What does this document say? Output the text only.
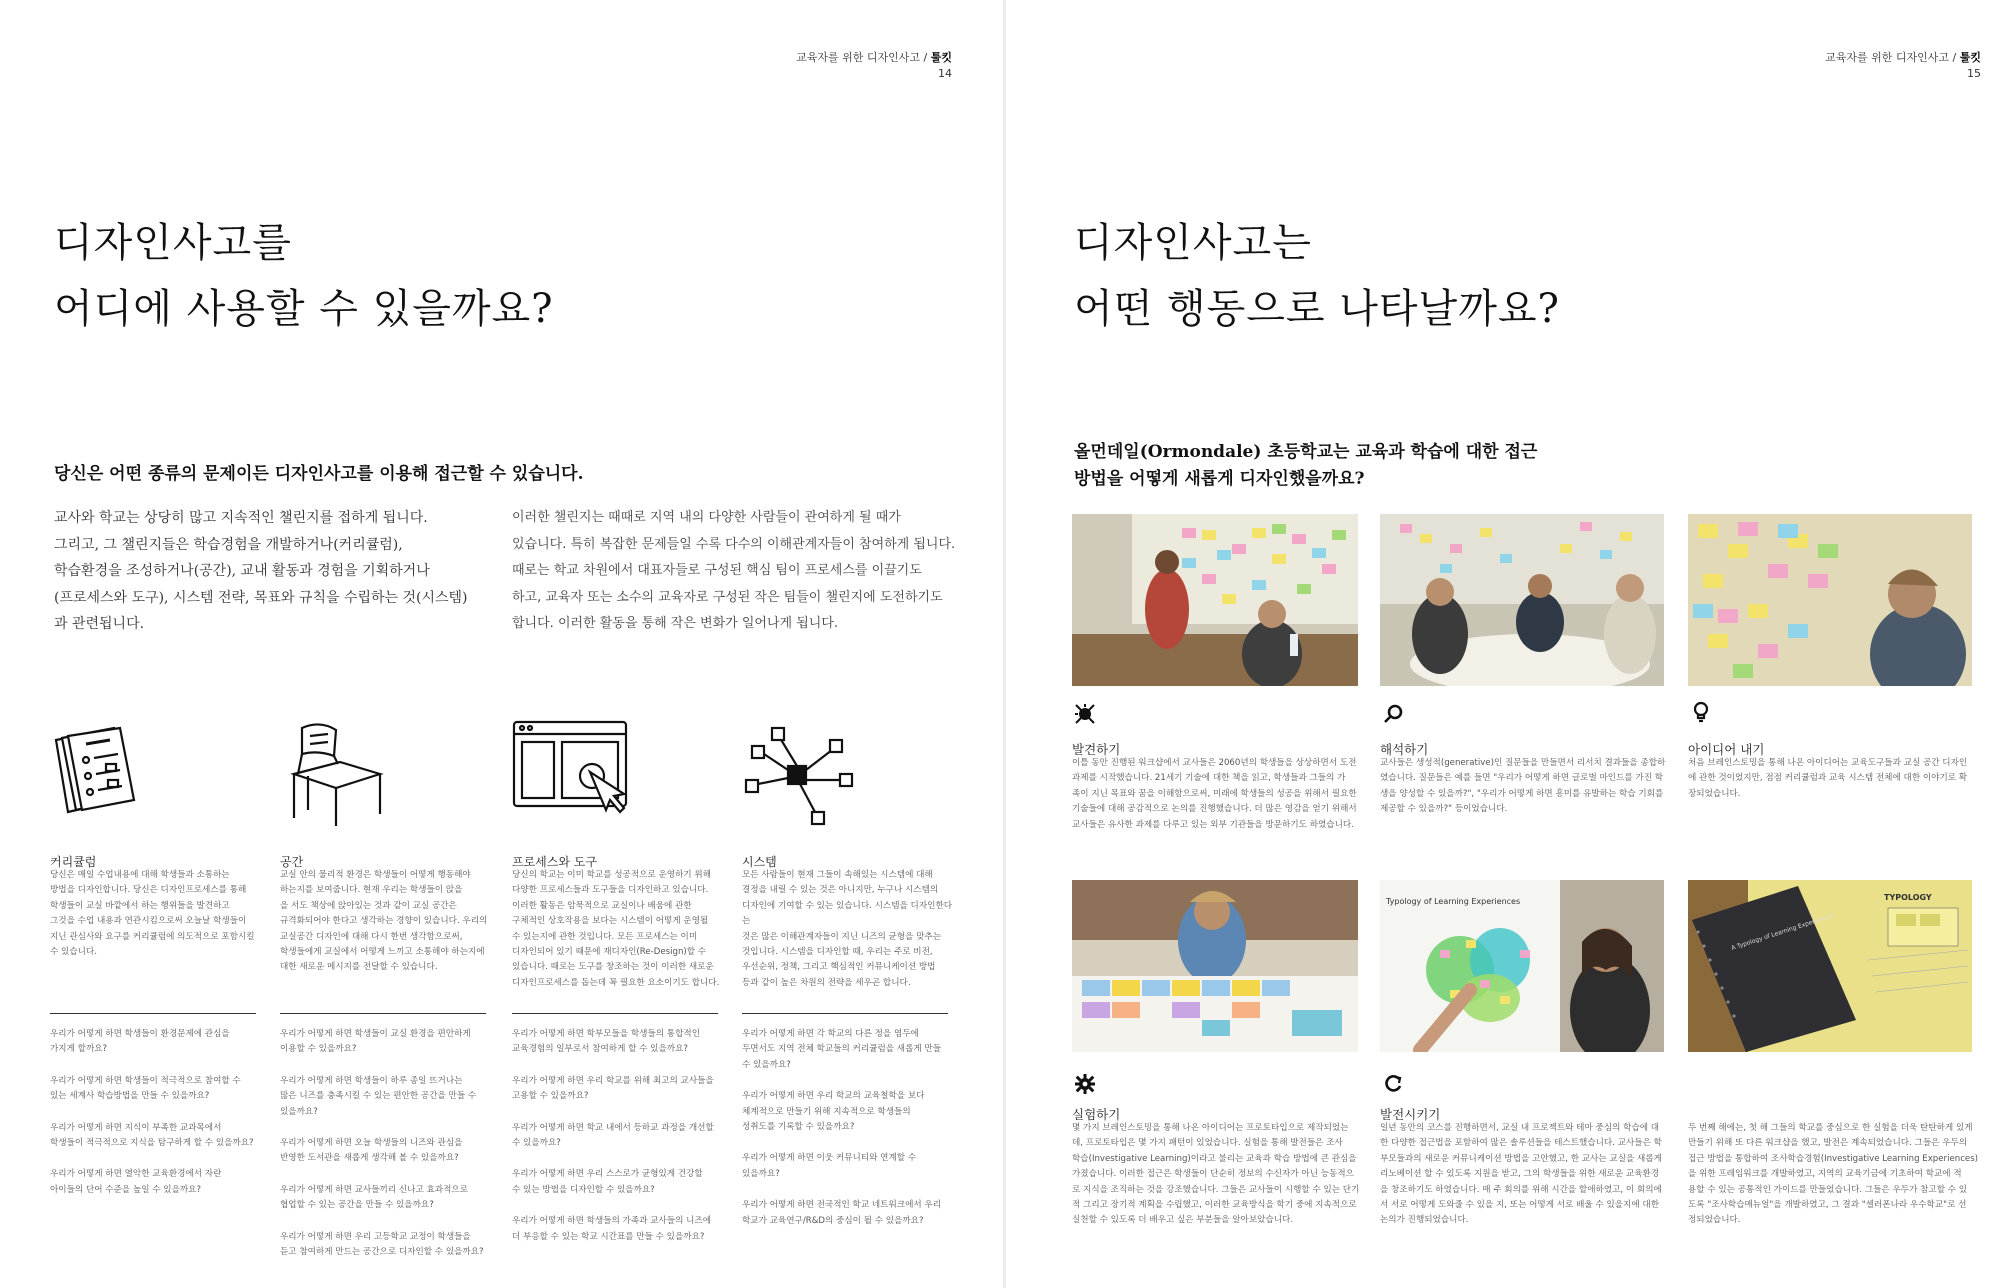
교육자를 위한 디자인사고 / 툴킷
14
디자인사고를
어디에 사용할 수 있을까요?
당신은 어떤 종류의 문제이든 디자인사고를 이용해 접근할 수 있습니다.
교사와 학교는 상당히 많고 지속적인 챌린지를 접하게 됩니다.
그리고, 그 챌린지들은 학습경험을 개발하거나(커리큘럼),
학습환경을 조성하거나(공간), 교내 활동과 경험을 기획하거나
(프로세스와 도구), 시스템 전략, 목표와 규칙을 수립하는 것(시스템)
과 관련됩니다.
이러한 챌린지는 때때로 지역 내의 다양한 사람들이 관여하게 될 때가
있습니다. 특히 복잡한 문제들일 수록 다수의 이해관계자들이 참여하게 됩니다.
때로는 학교 차원에서 대표자들로 구성된 핵심 팀이 프로세스를 이끌기도
하고, 교육자 또는 소수의 교육자로 구성된 작은 팀들이 챌린지에 도전하기도
합니다. 이러한 활동을 통해 작은 변화가 일어나게 됩니다.
커리큘럼	공간	프로세스와 도구	시스템
당신은 매일 수업내용에 대해 학생들과 소통하는
방법을 디자인합니다. 당신은 디자인프로세스를 통해
학생들이 교실 바깥에서 하는 행위들을 발견하고
그것을 수업 내용과 연관시킴으로써 오늘날 학생들이
지닌 관심사와 요구를 커리큘럼에 의도적으로 포함시킬
수 있습니다.
교실 안의 물리적 환경은 학생들이 어떻게 행동해야
하는지를 보여줍니다. 현재 우리는 학생들이 앉을
을 서도 책상에 앉아있는 것과 같이 교실 공간은
규격화되어야 한다고 생각하는 경향이 있습니다. 우리의
교실공간 디자인에 대해 다시 한번 생각함으로써,
학생들에게 교실에서 어떻게 느끼고 소통해야 하는지에
대한 새로운 메시지를 전달할 수 있습니다.
당신의 학교는 이미 학교를 성공적으로 운영하기 위해
다양한 프로세스들과 도구들을 디자인하고 있습니다.
이러한 활동은 암묵적으로 교실이나 배움에 관한
구체적인 상호작용을 보다는 시스템이 어떻게 운영될
수 있는지에 관한 것입니다. 모든 프로세스는 이미
디자인되어 있기 때문에 재디자인(Re-Design)할 수
있습니다. 때로는 도구를 창조하는 것이 이러한 새로운
디자인프로세스를 돕는데 꼭 필요한 요소이기도 합니다.
모든 사람들이 현재 그들이 속해있는 시스템에 대해
결정을 내릴 수 있는 것은 아니지만, 누구나 시스템의
디자인에 기여할 수 있는 있습니다. 시스템을 디자인한다는
것은 많은 이해관계자들이 지닌 니즈의 균형을 맞추는
것입니다. 시스템을 디자인할 때, 우리는 주로 비전,
우선순위, 정책, 그리고 핵심적인 커뮤니케이션 방법
등과 같이 높은 차원의 전략을 세우곤 합니다.

우리가 어떻게 하면 학생들이 환경문제에 관심을
가지게 할까요?

우리가 어떻게 하면 학생들이 적극적으로 참여할 수
있는 세계사 학습방법을 만들 수 있을까요?

우리가 어떻게 하면 지식이 부족한 교과목에서
학생들이 적극적으로 지식을 탐구하게 할 수 있을까요?

우리가 어떻게 하면 열악한 교육환경에서 자란
아이들의 단어 수준을 높일 수 있을까요?

우리가 어떻게 하면 학생들이 교실 환경을 편안하게
이용할 수 있을까요?

우리가 어떻게 하면 학생들이 하루 종일 뜨거나는
많은 니즈를 충족시킬 수 있는 편안한 공간을 만들 수
있을까요?

우리가 어떻게 하면 오늘 학생들의 니즈와 관심을
반영한 도서관을 새롭게 생각해 볼 수 있을까요?

우리가 어떻게 하면 교사들끼리 신나고 효과적으로
협업할 수 있는 공간을 만들 수 있을까요?

우리가 어떻게 하면 우리 고등학교 교정이 학생들을
듣고 참여하게 만드는 공간으로 디자인할 수 있을까요?

우리가 어떻게 하면 학부모들을 학생들의 통합적인
교육경험의 일부로서 참여하게 할 수 있을까요?

우리가 어떻게 하면 우리 학교를 위해 최고의 교사들을
고용할 수 있을까요?

우리가 어떻게 하면 학교 내에서 등하교 과정을 개선할
수 있을까요?

우리가 어떻게 하면 우리 스스로가 균형있게 건강할
수 있는 방법을 디자인할 수 있을까요?

우리가 어떻게 하면 학생들의 가족과 교사들의 니즈에
더 부응할 수 있는 학교 시간표를 만들 수 있을까요?

우리가 어떻게 하면 각 학교의 다른 정을 염두에
두면서도 지역 전체 학교들의 커리큘럼을 새롭게 만들
수 있을까요?

우리가 어떻게 하면 우리 학교의 교육철학을 보다
체계적으로 만들기 위해 지속적으로 학생들의
성취도를 기록할 수 있을까요?

우리가 어떻게 하면 이웃 커뮤니티와 연계할 수
있을까요?

우리가 어떻게 하면 전국적인 학교 네트워크에서 우리
학교가 교육연구/R&D의 중심이 될 수 있을까요?

교육자를 위한 디자인사고 / 툴킷
15
디자인사고는
어떤 행동으로 나타날까요?
올먼데일(Ormondale) 초등학교는 교육과 학습에 대한 접근
방법을 어떻게 새롭게 디자인했을까요?
발견하기	해석하기	아이디어 내기
이틀 동안 진행된 워크샵에서 교사들은 2060년의 학생들을 상상하면서 도전
과제를 시작했습니다. 21세기 기술에 대한 책을 읽고, 학생들과 그들의 가
족이 지닌 목표와 꿈을 이해함으로써, 미래에 학생들의 성공을 위해서 필요한
기술들에 대해 공감적으로 논의를 진행했습니다. 더 많은 영감을 얻기 위해서
교사들은 유사한 과제를 다루고 있는 외부 기관들을 방문하기도 하였습니다.
교사들은 생성적(generative)인 질문들을 만들면서 리서치 결과들을 종합하
였습니다. 질문들은 예를 들면 "우리가 어떻게 하면 글로벌 마인드를 가진 학
생을 양성할 수 있을까?", "우리가 어떻게 하면 흥미를 유발하는 학습 기회를
제공할 수 있을까?" 등이었습니다.
처음 브레인스토밍을 통해 나온 아이디어는 교육도구들과 교실 공간 디자인
에 관한 것이었지만, 점점 커리큘럼과 교육 시스템 전체에 대한 이야기로 확
장되었습니다.
Typology of Learning Experiences
A Typology of Learning Experiences
TYPOLOGY
실험하기	발전시키기
몇 가지 브레인스토밍을 통해 나온 아이디어는 프로토타입으로 제작되었는
데, 프로토타입은 몇 가지 패턴이 있었습니다. 실험을 통해 발전들은 조사
학습(Investigative Learning)이라고 불리는 교육과 학습 방법에 큰 관심을
가졌습니다. 이러한 접근은 학생들이 단순히 정보의 수신자가 아닌 능동적으
로 지식을 조직하는 것을 강조했습니다. 그들은 교사들이 시행할 수 있는 단기
적 그리고 장기적 계획을 수립했고, 이러한 교육방식을 학기 중에 지속적으로
실천할 수 있도록 더 배우고 싶은 부분들을 알아보았습니다.
일년 동안의 코스를 진행하면서, 교실 내 프로젝트와 테마 중심의 학습에 대
한 다양한 접근법을 포함하여 많은 솔루션들을 테스트했습니다. 교사들은 학
부모들과의 새로운 커뮤니케이션 방법을 고안했고, 한 교사는 교실을 새롭게
리노베이션 할 수 있도록 지원을 받고, 그의 학생들을 위한 새로운 교육환경
을 창조하기도 하였습니다. 매 주 회의를 위해 시간을 할애하였고, 이 회의에
서 서로 어떻게 도와줄 수 있을 지, 또는 어떻게 서로 배울 수 있을지에 대한
논의가 진행되었습니다.
두 번째 해에는, 첫 해 그들의 학교를 중심으로 한 실험을 더욱 탄탄하게 있게
만들기 위해 또 다른 워크샵을 했고, 발전은 계속되었습니다. 그들은 우두의
접근 방법을 통합하여 조사학습경험(Investigative Learning Experiences)
을 위한 프레임워크를 개발하였고, 지역의 교육기금에 기초하여 학교에 적
용할 수 있는 공통적인 가이드를 만들었습니다. 그들은 우두가 참고할 수 있
도록 "조사학습매뉴얼"을 개발하였고, 그 결과 "셀러폰나라 우수학교"로 선
정되었습니다.
